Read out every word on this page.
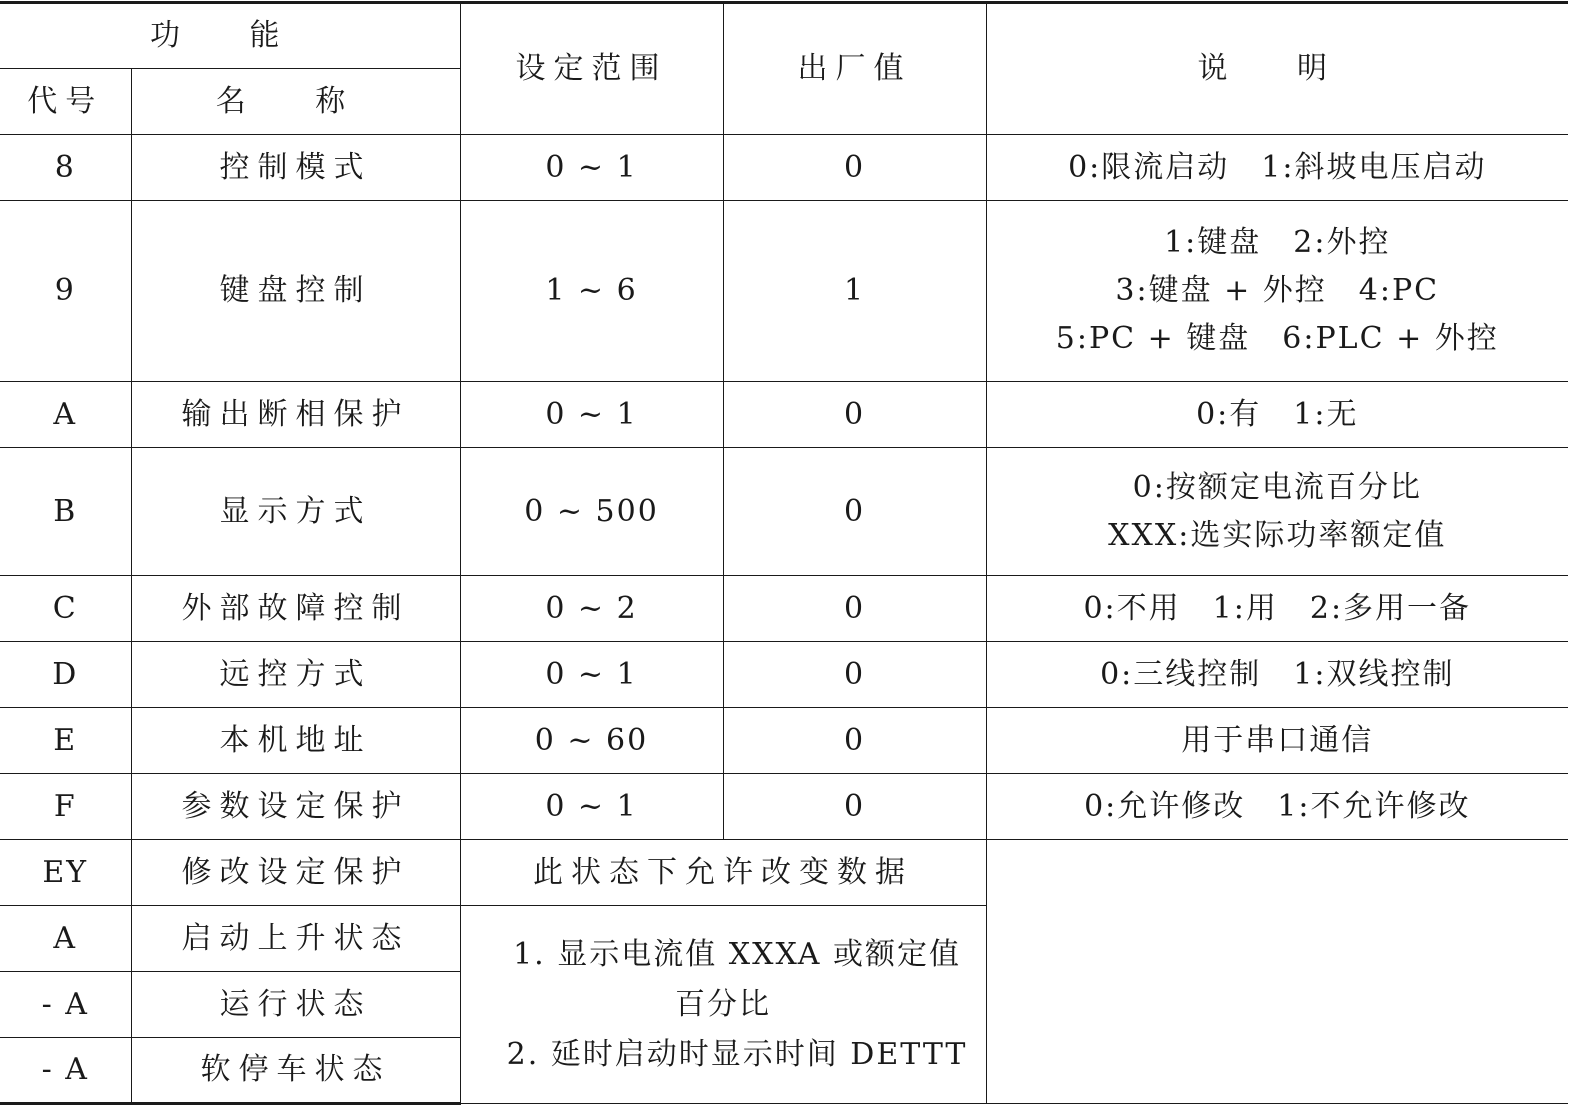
功 能		设定范围	出厂值	说 明
代号	名 称			
8	控制模式	0 ~ 1	0	0:限流启动 1:斜坡电压启动
9	键盘控制	1 ~ 6	1	1:键盘 2:外控
3:键盘 + 外控 4:PC
5:PC + 键盘 6:PLC + 外控

A	输出断相保护	0 ~ 1	0	0:有 1:无
B	显示方式	0 ~ 500	0	0:按额定电流百分比
XXX:选实际功率额定值

C	外部故障控制	0 ~ 2	0	0:不用 1:用 2:多用一备
D	远控方式	0 ~ 1	0	0:三线控制 1:双线控制
E	本机地址	0 ~ 60	0	用于串口通信
F	参数设定保护	0 ~ 1	0	0:允许修改 1:不允许修改
EY	修改设定保护	此状态下允许改变数据		
A	启动上升状态	1. 显示电流值 XXXA 或额定值
百分比
2. 延时启动时显示时间 DETTT		

- A	运行状态			
- A	软停车状态			
